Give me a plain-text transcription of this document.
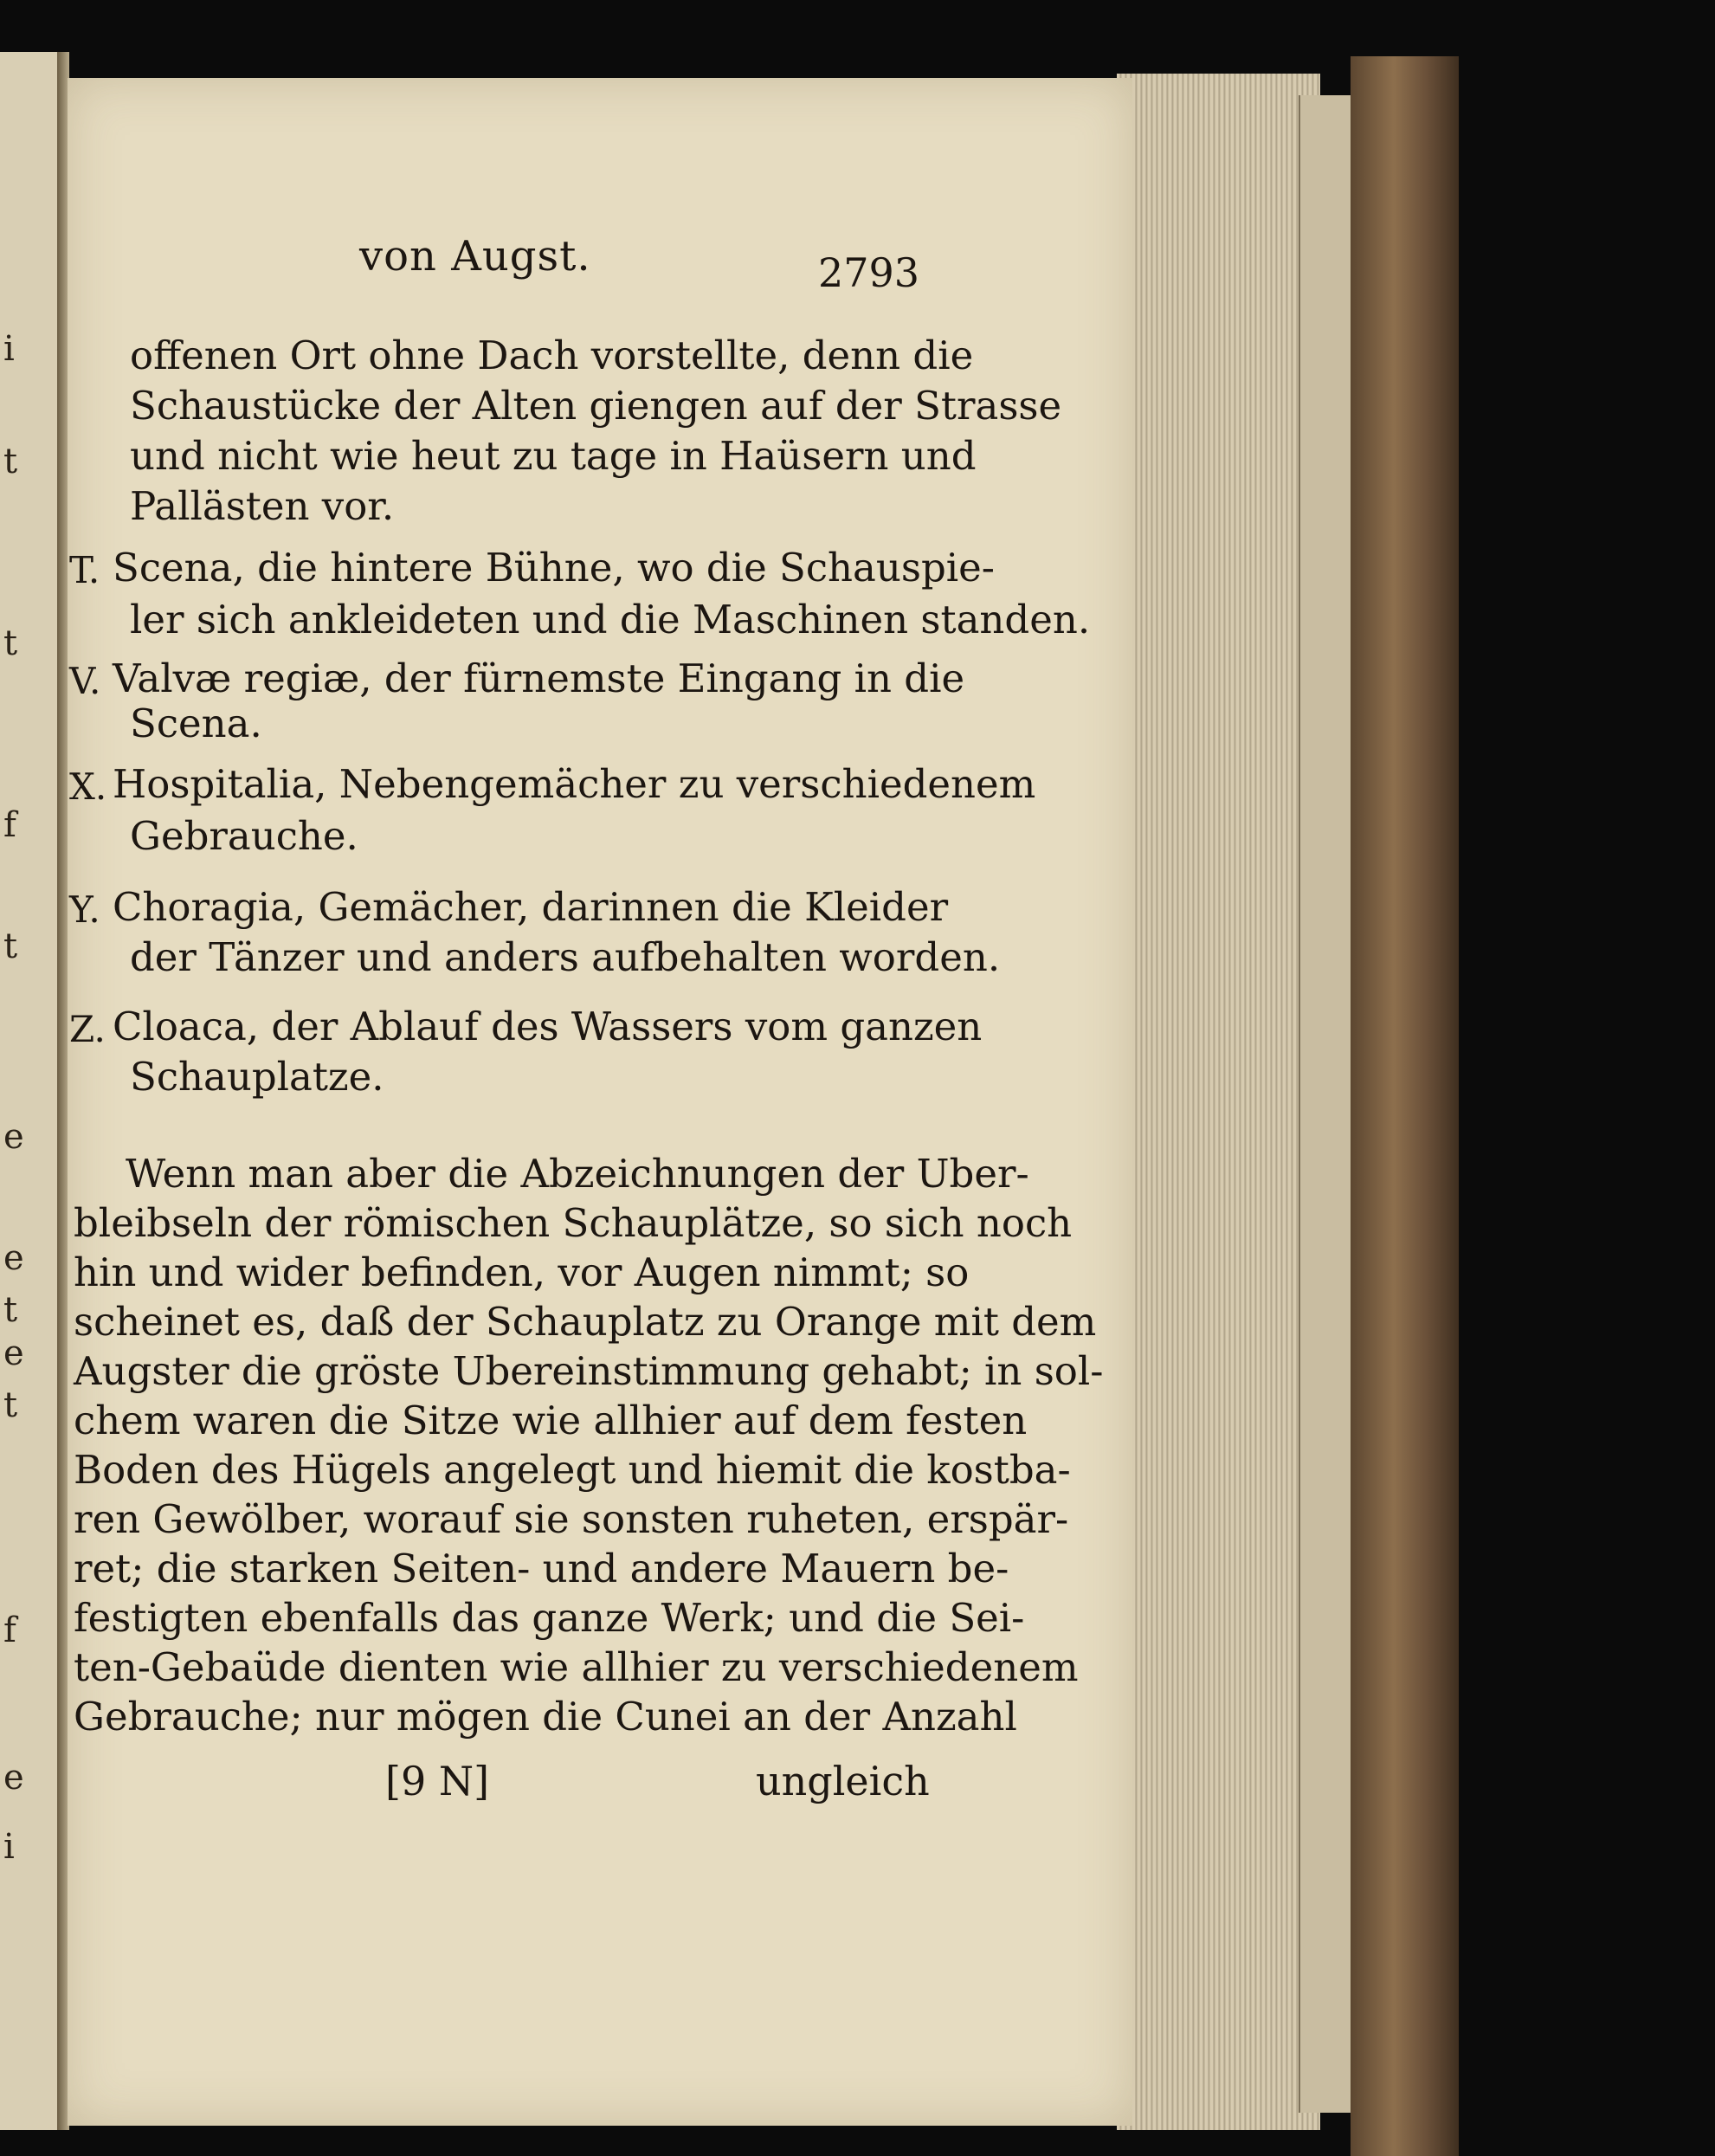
i
t
t
f
t
e
e
t
e
t
f
e
i
von Augst.	2793
offenen Ort ohne Dach vorstellte, denn die
Schaustücke der Alten giengen auf der Strasse
und nicht wie heut zu tage in Haüsern und
Pallästen vor.
T. Scena, die hintere Bühne, wo die Schauspie-
ler sich ankleideten und die Maschinen standen.
V. Valvæ regiæ, der fürnemste Eingang in die
Scena.
X. Hospitalia, Nebengemächer zu verschiedenem
Gebrauche.
Y. Choragia, Gemächer, darinnen die Kleider
der Tänzer und anders aufbehalten worden.
Z. Cloaca, der Ablauf des Wassers vom ganzen
Schauplatze.
Wenn man aber die Abzeichnungen der Uber-
bleibseln der römischen Schauplätze, so sich noch
hin und wider befinden, vor Augen nimmt; so
scheinet es, daß der Schauplatz zu Orange mit dem
Augster die gröste Ubereinstimmung gehabt; in sol-
chem waren die Sitze wie allhier auf dem festen
Boden des Hügels angelegt und hiemit die kostba-
ren Gewölber, worauf sie sonsten ruheten, erspär-
ret; die starken Seiten- und andere Mauern be-
festigten ebenfalls das ganze Werk; und die Sei-
ten-Gebaüde dienten wie allhier zu verschiedenem
Gebrauche; nur mögen die Cunei an der Anzahl
[9 N]	ungleich
